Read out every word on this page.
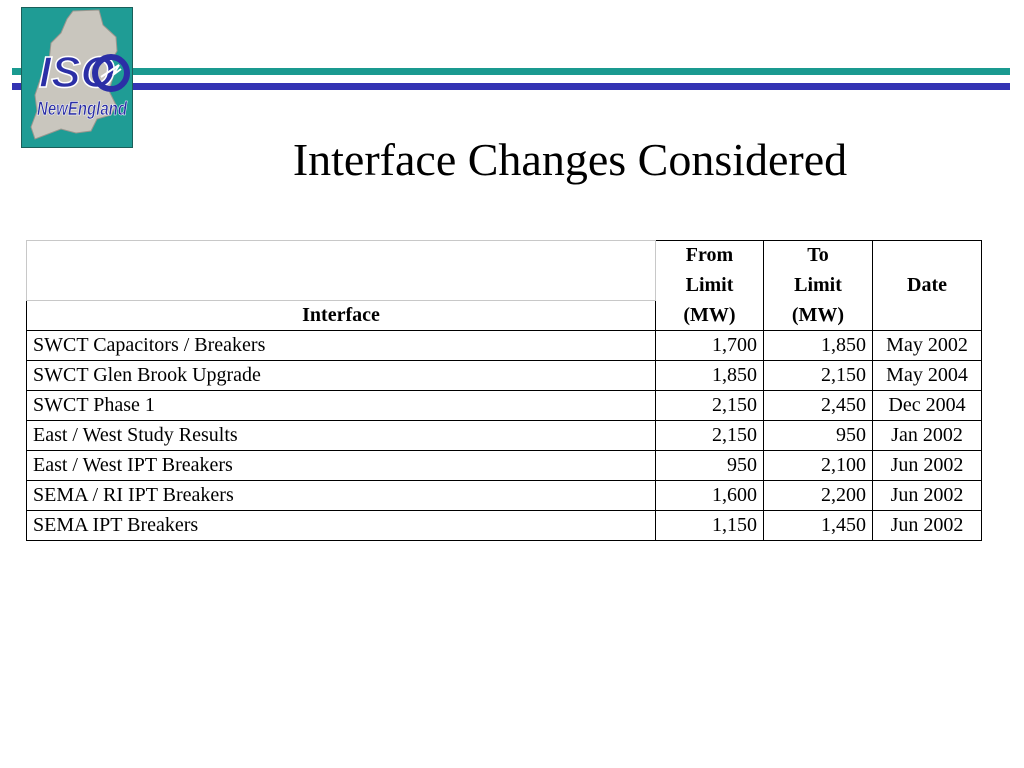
ISO
NewEngland
Interface Changes Considered
	From	To	
	Limit	Limit	Date
Interface	(MW)	(MW)	
SWCT Capacitors / Breakers	1,700	1,850	May 2002
SWCT Glen Brook Upgrade	1,850	2,150	May 2004
SWCT Phase 1	2,150	2,450	Dec 2004
East / West Study Results	2,150	950	Jan 2002
East / West IPT Breakers	950	2,100	Jun 2002
SEMA / RI IPT Breakers	1,600	2,200	Jun 2002
SEMA IPT Breakers	1,150	1,450	Jun 2002
